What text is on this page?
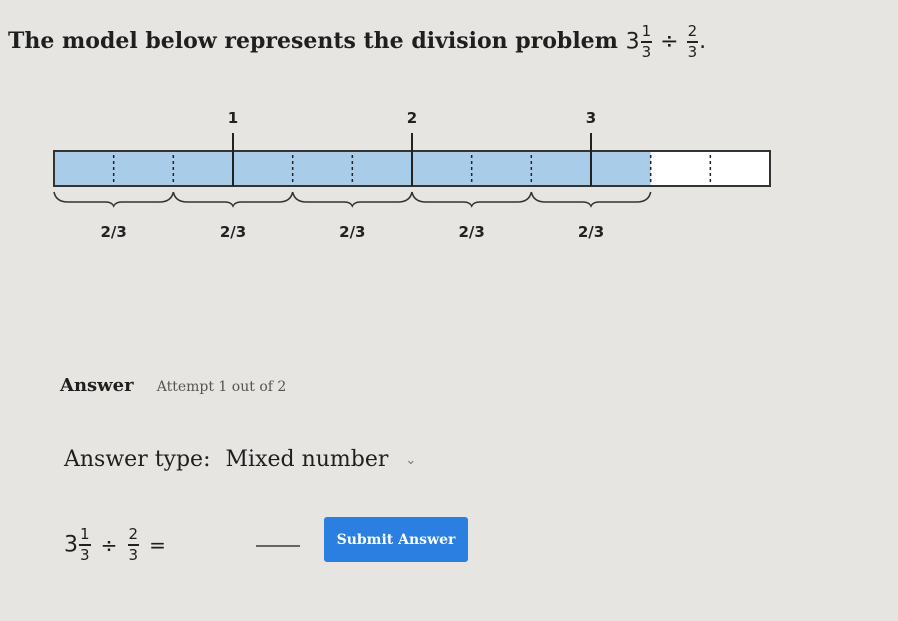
The model below represents the division problem $3 \frac{1}{3} \div \frac{2}{3}$ .
1	2	3
2/3	2/3	2/3	2/3	2/3
Answer Attempt 1 out of 2
Answer type: Mixed number ⌄
$3 \frac{1}{3} \div \frac{2}{3}$ =	Submit Answer
